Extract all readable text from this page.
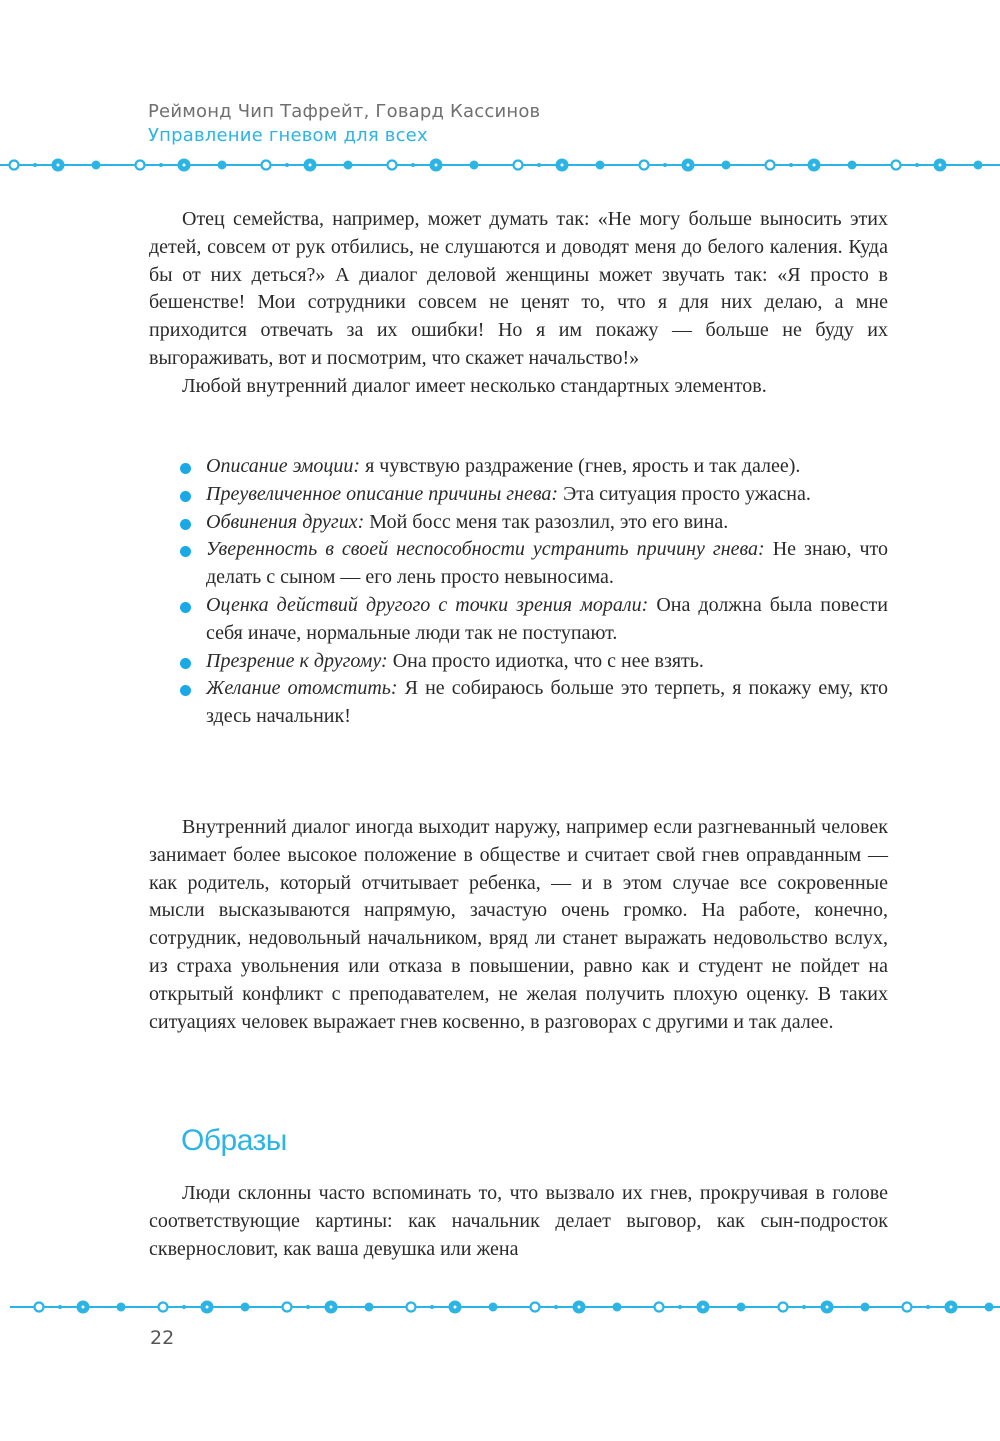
Реймонд Чип Тафрейт, Говард Кассинов
Управление гневом для всех

Отец семейства, например, может думать так: «Не могу больше выносить этих детей, совсем от рук отбились, не слушаются и доводят меня до белого каления. Куда бы от них деться?» А диалог деловой женщины может звучать так: «Я просто в бешенстве! Мои сотрудники совсем не ценят то, что я для них делаю, а мне приходится отвечать за их ошибки! Но я им покажу — больше не буду их выгораживать, вот и посмотрим, что скажет начальство!»

Любой внутренний диалог имеет несколько стандартных элементов.

Описание эмоции: я чувствую раздражение (гнев, ярость и так далее).
Преувеличенное описание причины гнева: Эта ситуация просто ужасна.
Обвинения других: Мой босс меня так разозлил, это его вина.
Уверенность в своей неспособности устранить причину гнева: Не знаю, что делать с сыном — его лень просто невыносима.
Оценка действий другого с точки зрения морали: Она должна была повести себя иначе, нормальные люди так не поступают.
Презрение к другому: Она просто идиотка, что с нее взять.
Желание отомстить: Я не собираюсь больше это терпеть, я покажу ему, кто здесь начальник!

Внутренний диалог иногда выходит наружу, например если разгневанный человек занимает более высокое положение в обществе и считает свой гнев оправданным — как родитель, который отчитывает ребенка, — и в этом случае все сокровенные мысли высказываются напрямую, зачастую очень громко. На работе, конечно, сотрудник, недовольный начальником, вряд ли станет выражать недовольство вслух, из страха увольнения или отказа в повышении, равно как и студент не пойдет на открытый конфликт с преподавателем, не желая получить плохую оценку. В таких ситуациях человек выражает гнев косвенно, в разговорах с другими и так далее.

Образы

Люди склонны часто вспоминать то, что вызвало их гнев, прокручивая в голове соответствующие картины: как начальник делает выговор, как сын-подросток сквернословит, как ваша девушка или жена

22
